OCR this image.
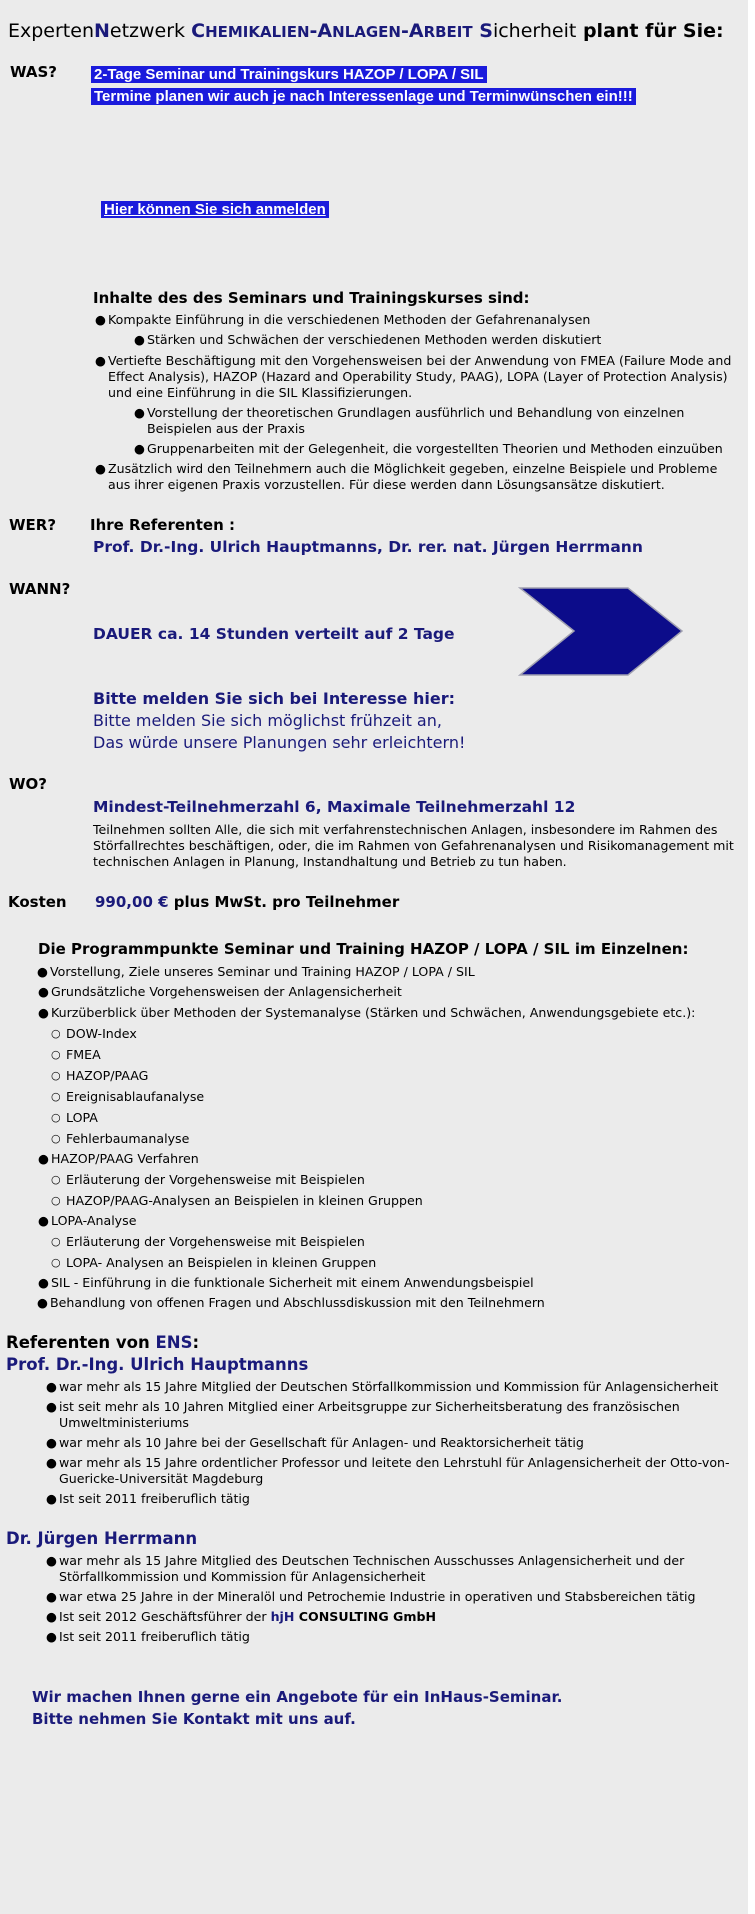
ExpertenNetzwerk CHEMIKALIEN-ANLAGEN-ARBEIT Sicherheit plant für Sie:
WAS? 2-Tage Seminar und Trainingskurs HAZOP / LOPA / SIL
Termine planen wir auch je nach Interessenlage und Terminwünschen ein!!!
Hier können Sie sich anmelden
Inhalte des des Seminars und Trainingskurses sind:
● Kompakte Einführung in die verschiedenen Methoden der Gefahrenanalysen
● Stärken und Schwächen der verschiedenen Methoden werden diskutiert
● Vertiefte Beschäftigung mit den Vorgehensweisen bei der Anwendung von FMEA (Failure Mode and Effect Analysis), HAZOP (Hazard and Operability Study, PAAG), LOPA (Layer of Protection Analysis) und eine Einführung in die SIL Klassifizierungen.
● Vorstellung der theoretischen Grundlagen ausführlich und Behandlung von einzelnen Beispielen aus der Praxis
● Gruppenarbeiten mit der Gelegenheit, die vorgestellten Theorien und Methoden einzuüben
● Zusätzlich wird den Teilnehmern auch die Möglichkeit gegeben, einzelne Beispiele und Probleme aus ihrer eigenen Praxis vorzustellen. Für diese werden dann Lösungsansätze diskutiert.
WER? Ihre Referenten :
Prof. Dr.-Ing. Ulrich Hauptmanns, Dr. rer. nat. Jürgen Herrmann
WANN?
DAUER ca. 14 Stunden verteilt auf 2 Tage
Bitte melden Sie sich bei Interesse hier:
Bitte melden Sie sich möglichst frühzeit an,
Das würde unsere Planungen sehr erleichtern!
WO?
Mindest-Teilnehmerzahl 6, Maximale Teilnehmerzahl 12
Teilnehmen sollten Alle, die sich mit verfahrenstechnischen Anlagen, insbesondere im Rahmen des Störfallrechtes beschäftigen, oder, die im Rahmen von Gefahrenanalysen und Risikomanagement mit technischen Anlagen in Planung, Instandhaltung und Betrieb zu tun haben.
Kosten 990,00 € plus MwSt. pro Teilnehmer
Die Programmpunkte Seminar und Training HAZOP / LOPA / SIL im Einzelnen:
● Vorstellung, Ziele unseres Seminar und Training HAZOP / LOPA / SIL
● Grundsätzliche Vorgehensweisen der Anlagensicherheit
● Kurzüberblick über Methoden der Systemanalyse (Stärken und Schwächen, Anwendungsgebiete etc.):
○ DOW-Index
○ FMEA
○ HAZOP/PAAG
○ Ereignisablaufanalyse
○ LOPA
○ Fehlerbaumanalyse
● HAZOP/PAAG Verfahren
○ Erläuterung der Vorgehensweise mit Beispielen
○ HAZOP/PAAG-Analysen an Beispielen in kleinen Gruppen
● LOPA-Analyse
○ Erläuterung der Vorgehensweise mit Beispielen
○ LOPA- Analysen an Beispielen in kleinen Gruppen
● SIL - Einführung in die funktionale Sicherheit mit einem Anwendungsbeispiel
● Behandlung von offenen Fragen und Abschlussdiskussion mit den Teilnehmern
Referenten von ENS:
Prof. Dr.-Ing. Ulrich Hauptmanns
● war mehr als 15 Jahre Mitglied der Deutschen Störfallkommission und Kommission für Anlagensicherheit
● ist seit mehr als 10 Jahren Mitglied einer Arbeitsgruppe zur Sicherheitsberatung des französischen Umweltministeriums
● war mehr als 10 Jahre bei der Gesellschaft für Anlagen- und Reaktorsicherheit tätig
● war mehr als 15 Jahre ordentlicher Professor und leitete den Lehrstuhl für Anlagensicherheit der Otto-von-Guericke-Universität Magdeburg
● Ist seit 2011 freiberuflich tätig
Dr. Jürgen Herrmann
● war mehr als 15 Jahre Mitglied des Deutschen Technischen Ausschusses Anlagensicherheit und der Störfallkommission und Kommission für Anlagensicherheit
● war etwa 25 Jahre in der Mineralöl und Petrochemie Industrie in operativen und Stabsbereichen tätig
● Ist seit 2012 Geschäftsführer der hjH CONSULTING GmbH
● Ist seit 2011 freiberuflich tätig
Wir machen Ihnen gerne ein Angebote für ein InHaus-Seminar.
Bitte nehmen Sie Kontakt mit uns auf.
